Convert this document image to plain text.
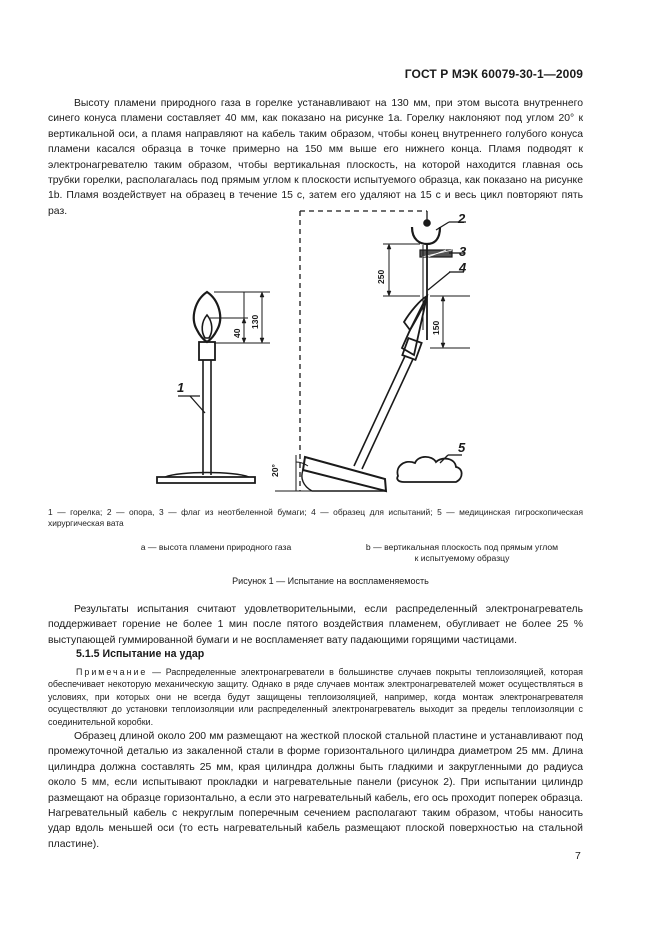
ГОСТ Р МЭК 60079-30-1—2009
Высоту пламени природного газа в горелке устанавливают на 130 мм, при этом высота внутреннего синего конуса пламени составляет 40 мм, как показано на рисунке 1a. Горелку наклоняют под углом 20° к вертикальной оси, а пламя направляют на кабель таким образом, чтобы конец внутреннего голубого конуса пламени касался образца в точке примерно на 150 мм выше его нижнего конца. Пламя подводят к электронагревателю таким образом, чтобы вертикальная плоскость, на которой находится главная ось трубки горелки, располагалась под прямым углом к плоскости испытуемого образца, как показано на рисунке 1b. Пламя воздействует на образец в течение 15 с, затем его удаляют на 15 с и весь цикл повторяют пять раз.
1
2
3
4
5
130
40
250
150
20°
1 — горелка; 2 — опора, 3 — флаг из неотбеленной бумаги; 4 — образец для испытаний; 5 — медицинская гигроскопическая хирургическая вата
a — высота пламени природного газа	b — вертикальная плоскость под прямым углом
к испытуемому образцу
Рисунок 1 — Испытание на воспламеняемость
Результаты испытания считают удовлетворительными, если распределенный электронагреватель поддерживает горение не более 1 мин после пятого воздействия пламенем, обугливает не более 25 % выступающей гуммированной бумаги и не воспламеняет вату падающими горящими частицами.
5.1.5 Испытание на удар
Примечание — Распределенные электронагреватели в большинстве случаев покрыты теплоизоляцией, которая обеспечивает некоторую механическую защиту. Однако в ряде случаев монтаж электронагревателей может осуществляться в условиях, при которых они не всегда будут защищены теплоизоляцией, например, когда монтаж электронагревателя осуществляют до установки теплоизоляции или распределенный электронагреватель выходит за пределы теплоизоляции с соединительной коробки.
Образец длиной около 200 мм размещают на жесткой плоской стальной пластине и устанавливают под промежуточной деталью из закаленной стали в форме горизонтального цилиндра диаметром 25 мм. Длина цилиндра должна составлять 25 мм, края цилиндра должны быть гладкими и закругленными до радиуса около 5 мм, если испытывают прокладки и нагревательные панели (рисунок 2). При испытании цилиндр размещают на образце горизонтально, а если это нагревательный кабель, его ось проходит поперек образца. Нагревательный кабель с некруглым поперечным сечением располагают таким образом, чтобы наносить удар вдоль меньшей оси (то есть нагревательный кабель размещают плоской поверхностью на стальной пластине).
7
